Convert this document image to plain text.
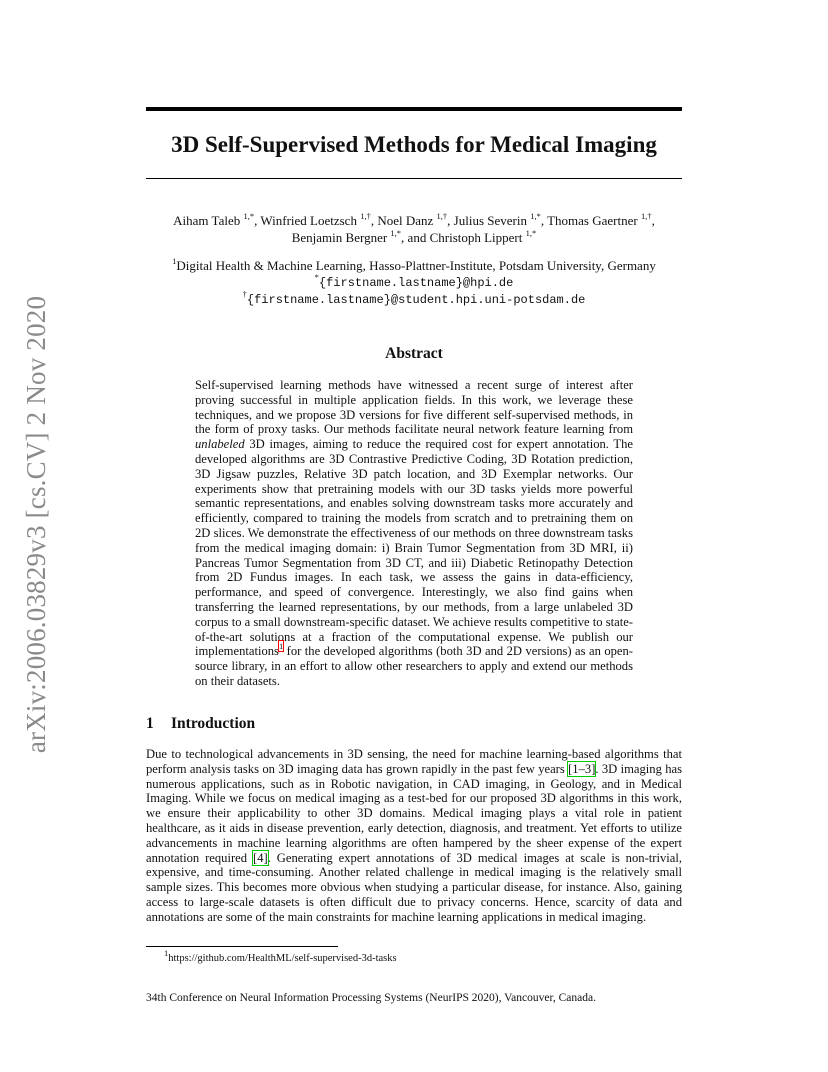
arXiv:2006.03829v3 [cs.CV] 2 Nov 2020
3D Self-Supervised Methods for Medical Imaging
Aiham Taleb $^{1,*}$, Winfried Loetzsch $^{1,\dagger}$, Noel Danz $^{1,\dagger}$, Julius Severin $^{1,*}$, Thomas Gaertner $^{1,\dagger}$,
Benjamin Bergner $^{1,*}$, and Christoph Lippert $^{1,*}$
$^1$Digital Health & Machine Learning, Hasso-Plattner-Institute, Potsdam University, Germany
*{firstname.lastname}@hpi.de
†{firstname.lastname}@student.hpi.uni-potsdam.de
Abstract

Self-supervised learning methods have witnessed a recent surge of interest after proving successful in multiple application fields. In this work, we leverage these techniques, and we propose 3D versions for five different self-supervised methods, in the form of proxy tasks. Our methods facilitate neural network feature learning from unlabeled 3D images, aiming to reduce the required cost for expert annotation. The developed algorithms are 3D Contrastive Predictive Coding, 3D Rotation prediction, 3D Jigsaw puzzles, Relative 3D patch location, and 3D Exemplar networks. Our experiments show that pretraining models with our 3D tasks yields more powerful semantic representations, and enables solving downstream tasks more accurately and efficiently, compared to training the models from scratch and to pretraining them on 2D slices. We demonstrate the effectiveness of our methods on three downstream tasks from the medical imaging domain: i) Brain Tumor Segmentation from 3D MRI, ii) Pancreas Tumor Segmentation from 3D CT, and iii) Diabetic Retinopathy Detection from 2D Fundus images. In each task, we assess the gains in data-efficiency, performance, and speed of convergence. Interestingly, we also find gains when transferring the learned representations, by our methods, from a large unlabeled 3D corpus to a small downstream-specific dataset. We achieve results competitive to state-of-the-art solutions at a fraction of the computational expense. We publish our implementations$^1$ for the developed algorithms (both 3D and 2D versions) as an open-source library, in an effort to allow other researchers to apply and extend our methods on their datasets.

1 Introduction

Due to technological advancements in 3D sensing, the need for machine learning-based algorithms that perform analysis tasks on 3D imaging data has grown rapidly in the past few years [1–3]. 3D imaging has numerous applications, such as in Robotic navigation, in CAD imaging, in Geology, and in Medical Imaging. While we focus on medical imaging as a test-bed for our proposed 3D algorithms in this work, we ensure their applicability to other 3D domains. Medical imaging plays a vital role in patient healthcare, as it aids in disease prevention, early detection, diagnosis, and treatment. Yet efforts to utilize advancements in machine learning algorithms are often hampered by the sheer expense of the expert annotation required [4]. Generating expert annotations of 3D medical images at scale is non-trivial, expensive, and time-consuming. Another related challenge in medical imaging is the relatively small sample sizes. This becomes more obvious when studying a particular disease, for instance. Also, gaining access to large-scale datasets is often difficult due to privacy concerns. Hence, scarcity of data and annotations are some of the main constraints for machine learning applications in medical imaging.

$^1$https://github.com/HealthML/self-supervised-3d-tasks
34th Conference on Neural Information Processing Systems (NeurIPS 2020), Vancouver, Canada.
